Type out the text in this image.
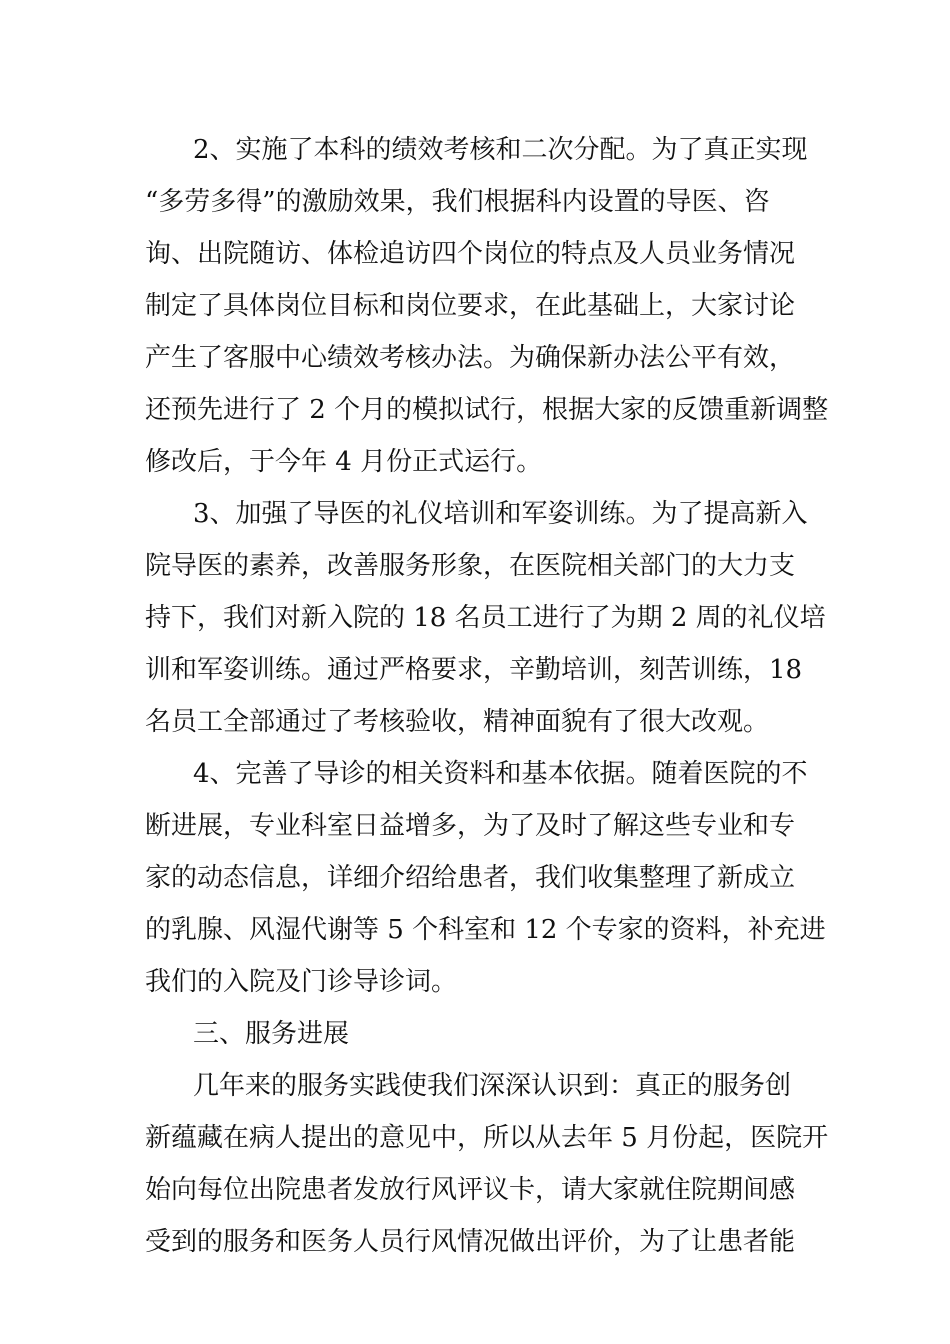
2、实施了本科的绩效考核和二次分配。为了真正实现
“多劳多得”的激励效果，我们根据科内设置的导医、咨
询、出院随访、体检追访四个岗位的特点及人员业务情况
制定了具体岗位目标和岗位要求，在此基础上，大家讨论
产生了客服中心绩效考核办法。为确保新办法公平有效，
还预先进行了 2 个月的模拟试行，根据大家的反馈重新调整
修改后，于今年 4 月份正式运行。
3、加强了导医的礼仪培训和军姿训练。为了提高新入
院导医的素养，改善服务形象，在医院相关部门的大力支
持下，我们对新入院的 18 名员工进行了为期 2 周的礼仪培
训和军姿训练。通过严格要求，辛勤培训，刻苦训练，18
名员工全部通过了考核验收，精神面貌有了很大改观。
4、完善了导诊的相关资料和基本依据。随着医院的不
断进展，专业科室日益增多，为了及时了解这些专业和专
家的动态信息，详细介绍给患者，我们收集整理了新成立
的乳腺、风湿代谢等 5 个科室和 12 个专家的资料，补充进
我们的入院及门诊导诊词。
三、服务进展
几年来的服务实践使我们深深认识到：真正的服务创
新蕴藏在病人提出的意见中，所以从去年 5 月份起，医院开
始向每位出院患者发放行风评议卡，请大家就住院期间感
受到的服务和医务人员行风情况做出评价，为了让患者能
